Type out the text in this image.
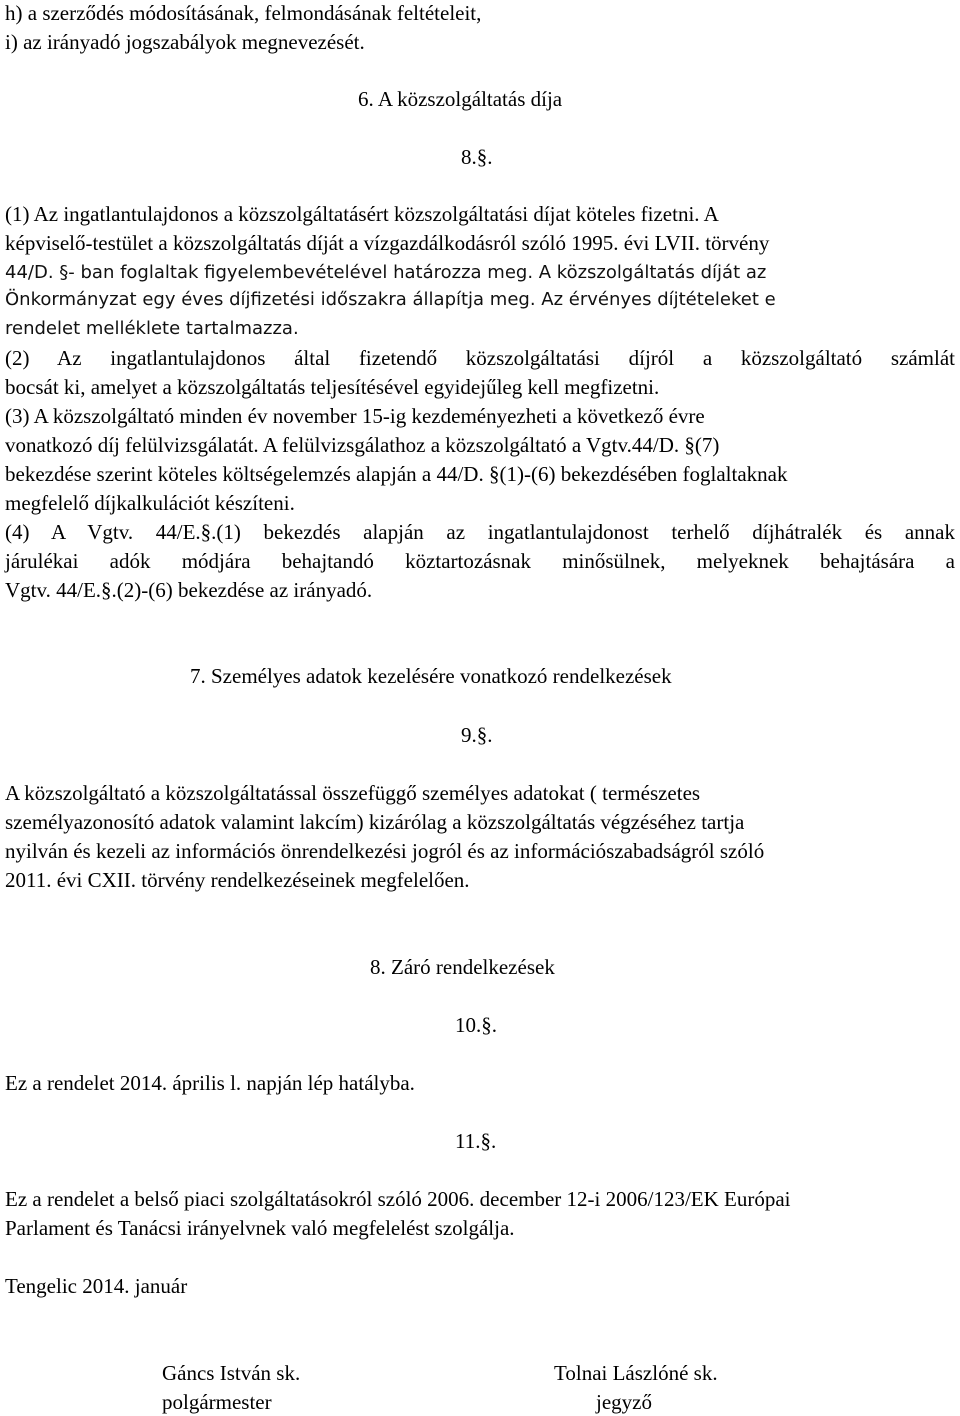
h) a szerződés módosításának, felmondásának feltételeit,

i) az irányadó jogszabályok megnevezését.

6. A közszolgáltatás díja
8.§.

(1) Az ingatlantulajdonos a közszolgáltatásért közszolgáltatási díjat köteles fizetni. A

képviselő-testület a közszolgáltatás díját a vízgazdálkodásról szóló 1995. évi LVII. törvény

44/D. §- ban foglaltak figyelembevételével határozza meg. A közszolgáltatás díját az

Önkormányzat egy éves díjfizetési időszakra állapítja meg. Az érvényes díjtételeket e

rendelet melléklete tartalmazza.

(2) Az ingatlantulajdonos által fizetendő közszolgáltatási díjról a közszolgáltató számlát

bocsát ki, amelyet a közszolgáltatás teljesítésével egyidejűleg kell megfizetni.

(3) A közszolgáltató minden év november 15-ig kezdeményezheti a következő évre

vonatkozó díj felülvizsgálatát. A felülvizsgálathoz a közszolgáltató a Vgtv.44/D. §(7)

bekezdése szerint köteles költségelemzés alapján a 44/D. §(1)-(6) bekezdésében foglaltaknak

megfelelő díjkalkulációt készíteni.

(4) A Vgtv. 44/E.§.(1) bekezdés alapján az ingatlantulajdonost terhelő díjhátralék és annak

járulékai adók módjára behajtandó köztartozásnak minősülnek, melyeknek behajtására a

Vgtv. 44/E.§.(2)-(6) bekezdése az irányadó.

7. Személyes adatok kezelésére vonatkozó rendelkezések
9.§.

A közszolgáltató a közszolgáltatással összefüggő személyes adatokat ( természetes

személyazonosító adatok valamint lakcím) kizárólag a közszolgáltatás végzéséhez tartja

nyilván és kezeli az információs önrendelkezési jogról és az információszabadságról szóló

2011. évi CXII. törvény rendelkezéseinek megfelelően.

8. Záró rendelkezések
10.§.

Ez a rendelet 2014. április l. napján lép hatályba.

11.§.

Ez a rendelet a belső piaci szolgáltatásokról szóló 2006. december 12-i 2006/123/EK Európai

Parlament és Tanácsi irányelvnek való megfelelést szolgálja.

Tengelic 2014. január

Gáncs István sk.
polgármester
Tolnai Lászlóné sk.
jegyző
